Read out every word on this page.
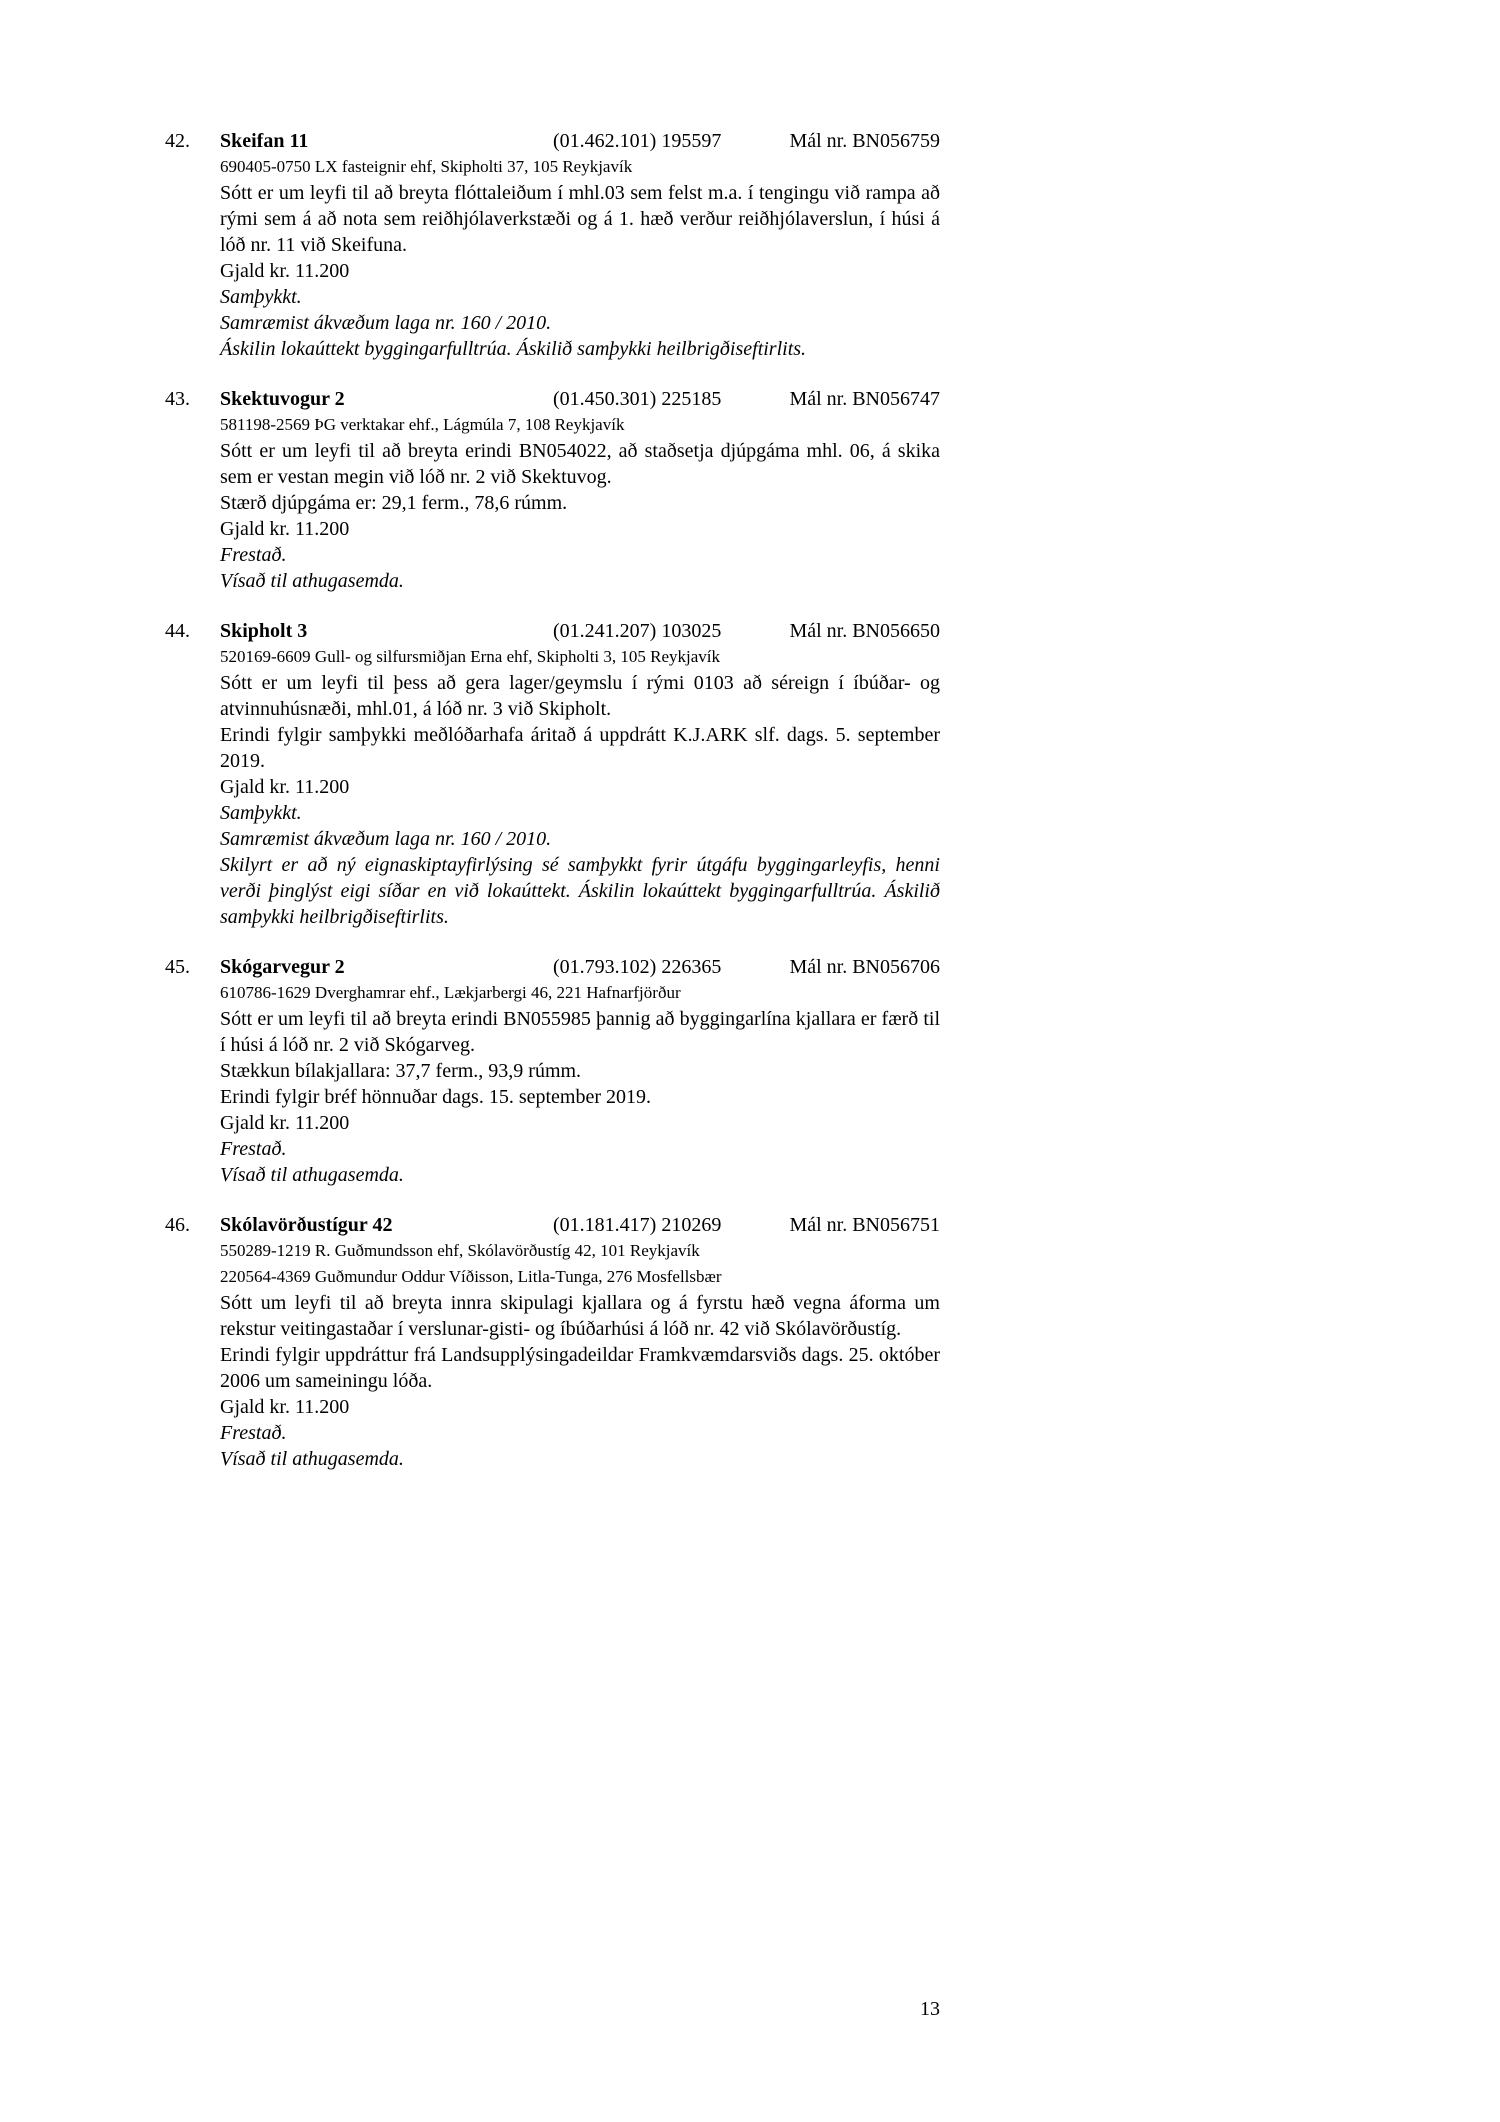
42. Skeifan 11	(01.462.101) 195597	Mál nr. BN056759
690405-0750 LX fasteignir ehf, Skipholti 37, 105 Reykjavík
Sótt er um leyfi til að breyta flóttaleiðum í mhl.03 sem felst m.a. í tengingu við rampa að rými sem á að nota sem reiðhjólaverkstæði og á 1. hæð verður reiðhjólaverslun, í húsi á lóð nr. 11 við Skeifuna.
Gjald kr. 11.200
Samþykkt.
Samræmist ákvæðum laga nr. 160 / 2010.
Áskilin lokaúttekt byggingarfulltrúa. Áskilið samþykki heilbrigðiseftirlits.
43. Skektuvogur 2	(01.450.301) 225185	Mál nr. BN056747
581198-2569 ÞG verktakar ehf., Lágmúla 7, 108 Reykjavík
Sótt er um leyfi til að breyta erindi BN054022, að staðsetja djúpgáma mhl. 06, á skika sem er vestan megin við lóð nr. 2 við Skektuvog.
Stærð djúpgáma er: 29,1 ferm., 78,6 rúmm.
Gjald kr. 11.200
Frestað.
Vísað til athugasemda.
44. Skipholt 3	(01.241.207) 103025	Mál nr. BN056650
520169-6609 Gull- og silfursmiðjan Erna ehf, Skipholti 3, 105 Reykjavík
Sótt er um leyfi til þess að gera lager/geymslu í rými 0103 að séreign í íbúðar- og atvinnuhúsnæði, mhl.01, á lóð nr. 3 við Skipholt.
Erindi fylgir samþykki meðlóðarhafa áritað á uppdrátt K.J.ARK slf. dags. 5. september 2019.
Gjald kr. 11.200
Samþykkt.
Samræmist ákvæðum laga nr. 160 / 2010.
Skilyrt er að ný eignaskiptayfirlýsing sé samþykkt fyrir útgáfu byggingarleyfis, henni verði þinglýst eigi síðar en við lokaúttekt. Áskilin lokaúttekt byggingarfulltrúa. Áskilið samþykki heilbrigðiseftirlits.
45. Skógarvegur 2	(01.793.102) 226365	Mál nr. BN056706
610786-1629 Dverghamrar ehf., Lækjarbergi 46, 221 Hafnarfjörður
Sótt er um leyfi til að breyta erindi BN055985 þannig að byggingarlína kjallara er færð til í húsi á lóð nr. 2 við Skógarveg.
Stækkun bílakjallara: 37,7 ferm., 93,9 rúmm.
Erindi fylgir bréf hönnuðar dags. 15. september 2019.
Gjald kr. 11.200
Frestað.
Vísað til athugasemda.
46. Skólavörðustígur 42	(01.181.417) 210269	Mál nr. BN056751
550289-1219 R. Guðmundsson ehf, Skólavörðustíg 42, 101 Reykjavík
220564-4369 Guðmundur Oddur Víðisson, Litla-Tunga, 276 Mosfellsbær
Sótt um leyfi til að breyta innra skipulagi kjallara og á fyrstu hæð vegna áforma um rekstur veitingastaðar í verslunar-gisti- og íbúðarhúsi á lóð nr. 42 við Skólavörðustíg.
Erindi fylgir uppdráttur frá Landsupplýsingadeildar Framkvæmdarsviðs dags. 25. október 2006 um sameiningu lóða.
Gjald kr. 11.200
Frestað.
Vísað til athugasemda.
13
